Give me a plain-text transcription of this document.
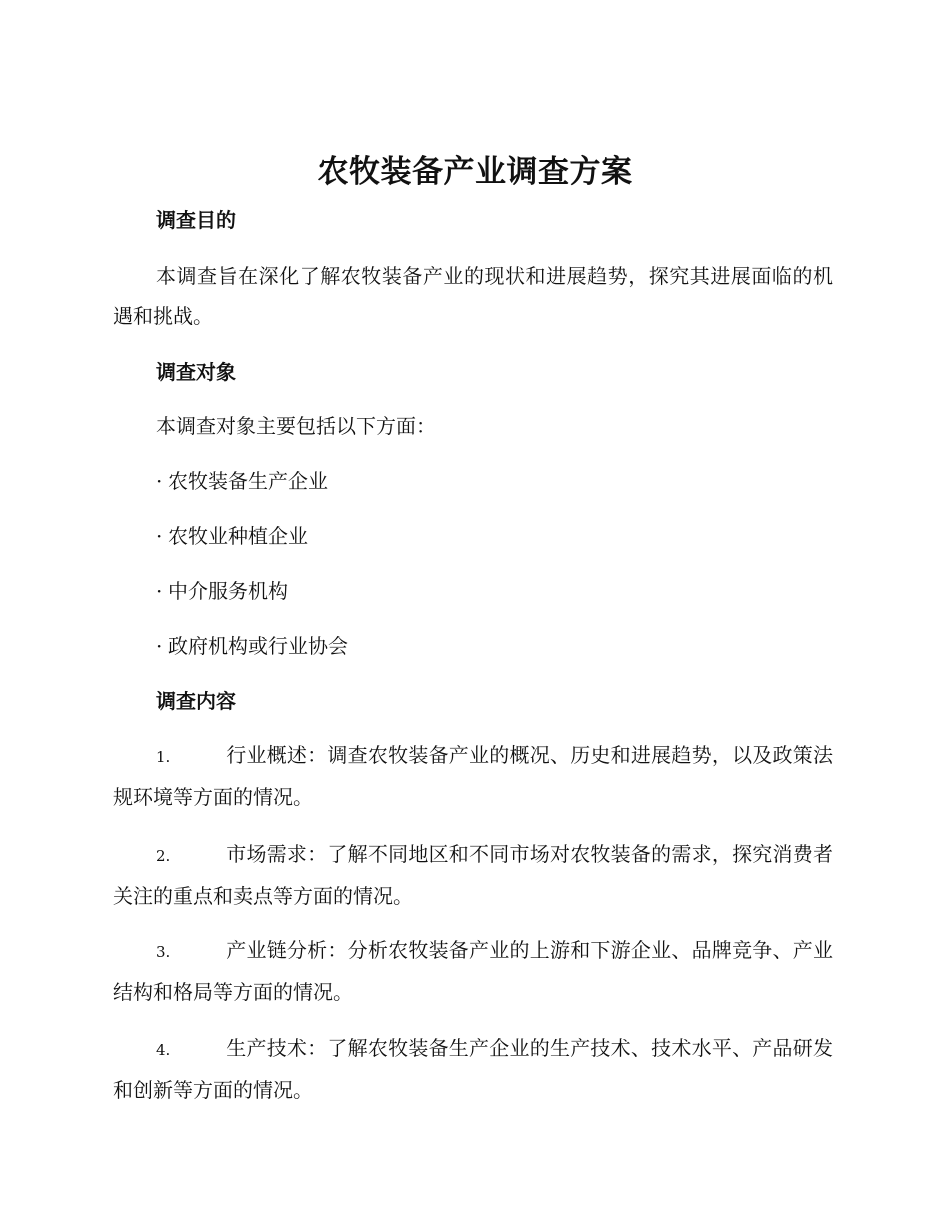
农牧装备产业调查方案
调查目的
本调查旨在深化了解农牧装备产业的现状和进展趋势，探究其进展面临的机遇和挑战。
调查对象
本调查对象主要包括以下方面：
· 农牧装备生产企业
· 农牧业种植企业
· 中介服务机构
· 政府机构或行业协会
调查内容
1.	行业概述：调查农牧装备产业的概况、历史和进展趋势，以及政策法规环境等方面的情况。
2.	市场需求：了解不同地区和不同市场对农牧装备的需求，探究消费者关注的重点和卖点等方面的情况。
3.	产业链分析：分析农牧装备产业的上游和下游企业、品牌竞争、产业结构和格局等方面的情况。
4.	生产技术：了解农牧装备生产企业的生产技术、技术水平、产品研发和创新等方面的情况。
